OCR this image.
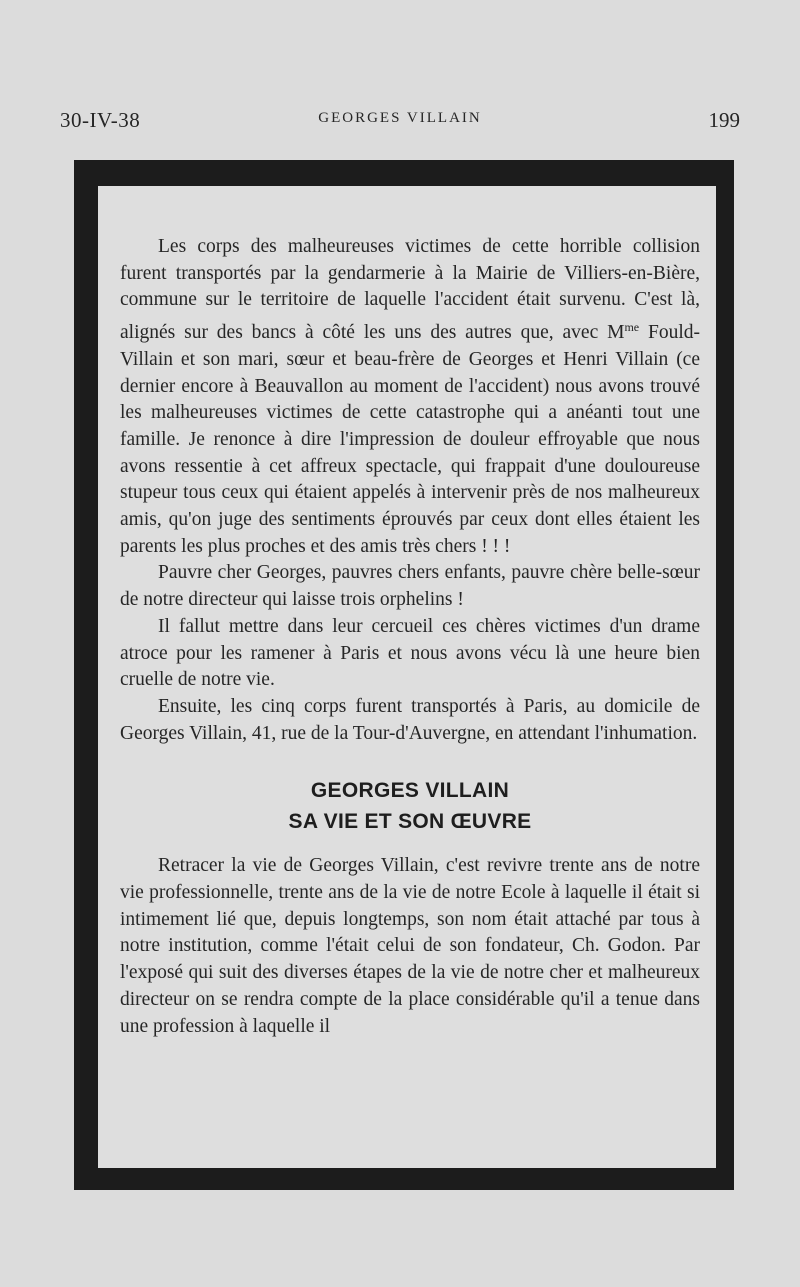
30-IV-38	GEORGES VILLAIN	199

Les corps des malheureuses victimes de cette horrible collision furent transportés par la gendarmerie à la Mairie de Villiers-en-Bière, commune sur le territoire de laquelle l'accident était survenu. C'est là, alignés sur des bancs à côté les uns des autres que, avec $M^{me}$ Fould-Villain et son mari, sœur et beau-frère de Georges et Henri Villain (ce dernier encore à Beauvallon au moment de l'accident) nous avons trouvé les malheureuses victimes de cette catastrophe qui a anéanti tout une famille. Je renonce à dire l'impression de douleur effroyable que nous avons ressentie à cet affreux spectacle, qui frappait d'une douloureuse stupeur tous ceux qui étaient appelés à intervenir près de nos malheureux amis, qu'on juge des sentiments éprouvés par ceux dont elles étaient les parents les plus proches et des amis très chers ! ! !

Pauvre cher Georges, pauvres chers enfants, pauvre chère belle-sœur de notre directeur qui laisse trois orphelins !

Il fallut mettre dans leur cercueil ces chères victimes d'un drame atroce pour les ramener à Paris et nous avons vécu là une heure bien cruelle de notre vie.

Ensuite, les cinq corps furent transportés à Paris, au domicile de Georges Villain, 41, rue de la Tour-d'Auvergne, en attendant l'inhumation.

GEORGES VILLAIN
SA VIE ET SON ŒUVRE

Retracer la vie de Georges Villain, c'est revivre trente ans de notre vie professionnelle, trente ans de la vie de notre Ecole à laquelle il était si intimement lié que, depuis longtemps, son nom était attaché par tous à notre institution, comme l'était celui de son fondateur, Ch. Godon. Par l'exposé qui suit des diverses étapes de la vie de notre cher et malheureux directeur on se rendra compte de la place considérable qu'il a tenue dans une profession à laquelle il
